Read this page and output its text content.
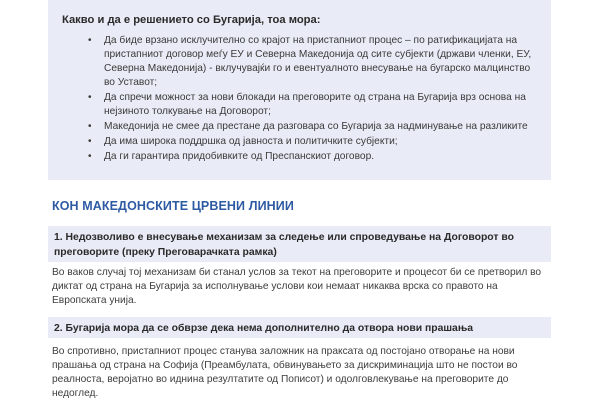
Какво и да е решението со Бугарија, тоа мора:

• Да биде врзано исклучително со крајот на пристапниот процес – по ратификацијата на пристапниот договор меѓу ЕУ и Северна Македонија од сите субјекти (држави членки, ЕУ, Северна Македонија) - вклучувајќи го и евентуалното внесување на бугарско малцинство во Уставот;
• Да спречи можност за нови блокади на преговорите од страна на Бугарија врз основа на нејзиното толкување на Договорот;
• Македонија не смее да престане да разговара со Бугарија за надминување на разликите
• Да има широка поддршка од јавноста и политичките субјекти;
• Да ги гарантира придобивките од Преспанскиот договор.
КОН МАКЕДОНСКИТЕ ЦРВЕНИ ЛИНИИ
1. Недозволиво е внесување механизам за следење или спроведување на Договорот во преговорите (преку Преговарачката рамка)
Во ваков случај тој механизам би станал услов за текот на преговорите и процесот би се претворил во диктат од страна на Бугарија за исполнување услови кои немаат никаква врска со правото на Европската унија.
2. Бугарија мора да се обврзе дека нема дополнително да отвора нови прашања
Во спротивно, пристапниот процес станува заложник на праксата од постојано отворање на нови прашања од страна на Софија (Преамбулата, обвинувањето за дискриминација што не постои во реалноста, веројатно во иднина резултатите од Пописот) и одолговлекување на преговорите до недоглед.
